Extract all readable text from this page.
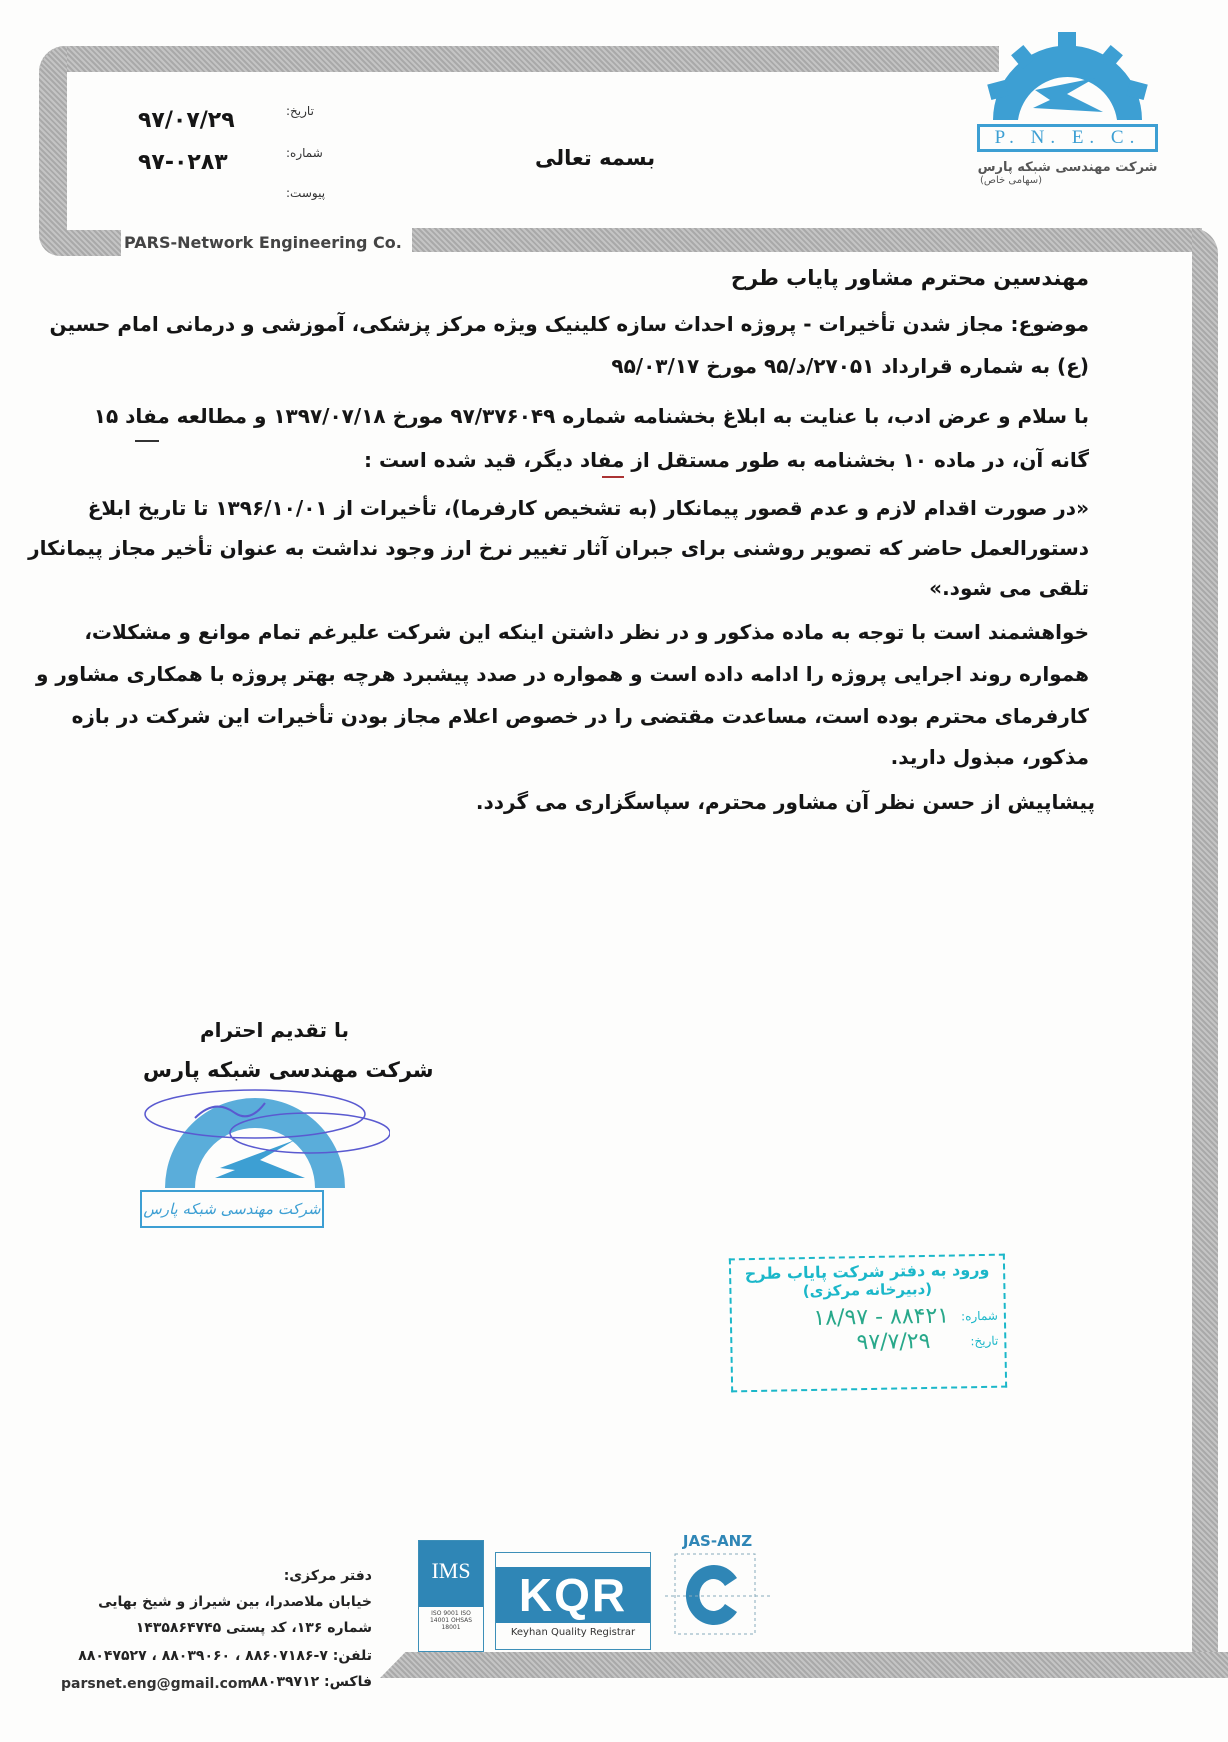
تاریخ:
۹۷/۰۷/۲۹
شماره:
۹۷-۰۲۸۳
پیوست:
بسمه تعالی
PARS-Network Engineering Co.
P. N. E. C.
شرکت مهندسی شبکه پارس
(سهامی خاص)
مهندسین محترم مشاور پایاب طرح
موضوع: مجاز شدن تأخیرات - پروژه احداث سازه کلینیک ویژه مرکز پزشکی، آموزشی و درمانی امام حسین
(ع) به شماره قرارداد ۲۷۰۵۱/د/۹۵ مورخ ۹۵/۰۳/۱۷
با سلام و عرض ادب، با عنایت به ابلاغ بخشنامه شماره ۹۷/۳۷۶۰۴۹ مورخ ۱۳۹۷/۰۷/۱۸ و مطالعه مفاد ۱۵
گانه آن، در ماده ۱۰ بخشنامه به طور مستقل از مفاد دیگر، قید شده است :
«در صورت اقدام لازم و عدم قصور پیمانکار (به تشخیص کارفرما)، تأخیرات از ۱۳۹۶/۱۰/۰۱ تا تاریخ ابلاغ
دستورالعمل حاضر که تصویر روشنی برای جبران آثار تغییر نرخ ارز وجود نداشت به عنوان تأخیر مجاز پیمانکار
تلقی می شود.»
خواهشمند است با توجه به ماده مذکور و در نظر داشتن اینکه این شرکت علیرغم تمام موانع و مشکلات،
همواره روند اجرایی پروژه را ادامه داده است و همواره در صدد پیشبرد هرچه بهتر پروژه با همکاری مشاور و
کارفرمای محترم بوده است، مساعدت مقتضی را در خصوص اعلام مجاز بودن تأخیرات این شرکت در بازه
مذکور، مبذول دارید.
پیشاپیش از حسن نظر آن مشاور محترم، سپاسگزاری می گردد.
با تقدیم احترام
شرکت مهندسی شبکه پارس
شرکت مهندسی شبکه پارس
ورود به دفتر شرکت پایاب طرح
(دبیرخانه مرکزی)
شماره:
۸۸۴۲۱ - ۱۸/۹۷
تاریخ:
۹۷/۷/۲۹
دفتر مرکزی:
خیابان ملاصدرا، بین شیراز و شیخ بهایی
شماره ۱۳۶، کد پستی ۱۴۳۵۸۶۴۷۴۵
تلفن: ۷-۸۸۶۰۷۱۸۶ ، ۸۸۰۳۹۰۶۰ ، ۸۸۰۴۷۵۲۷
فاکس: ۸۸۰۳۹۷۱۲
parsnet.eng@gmail.com
IMS
ISO 9001 ISO 14001 OHSAS 18001
KQR
Keyhan Quality Registrar
JAS-ANZ
